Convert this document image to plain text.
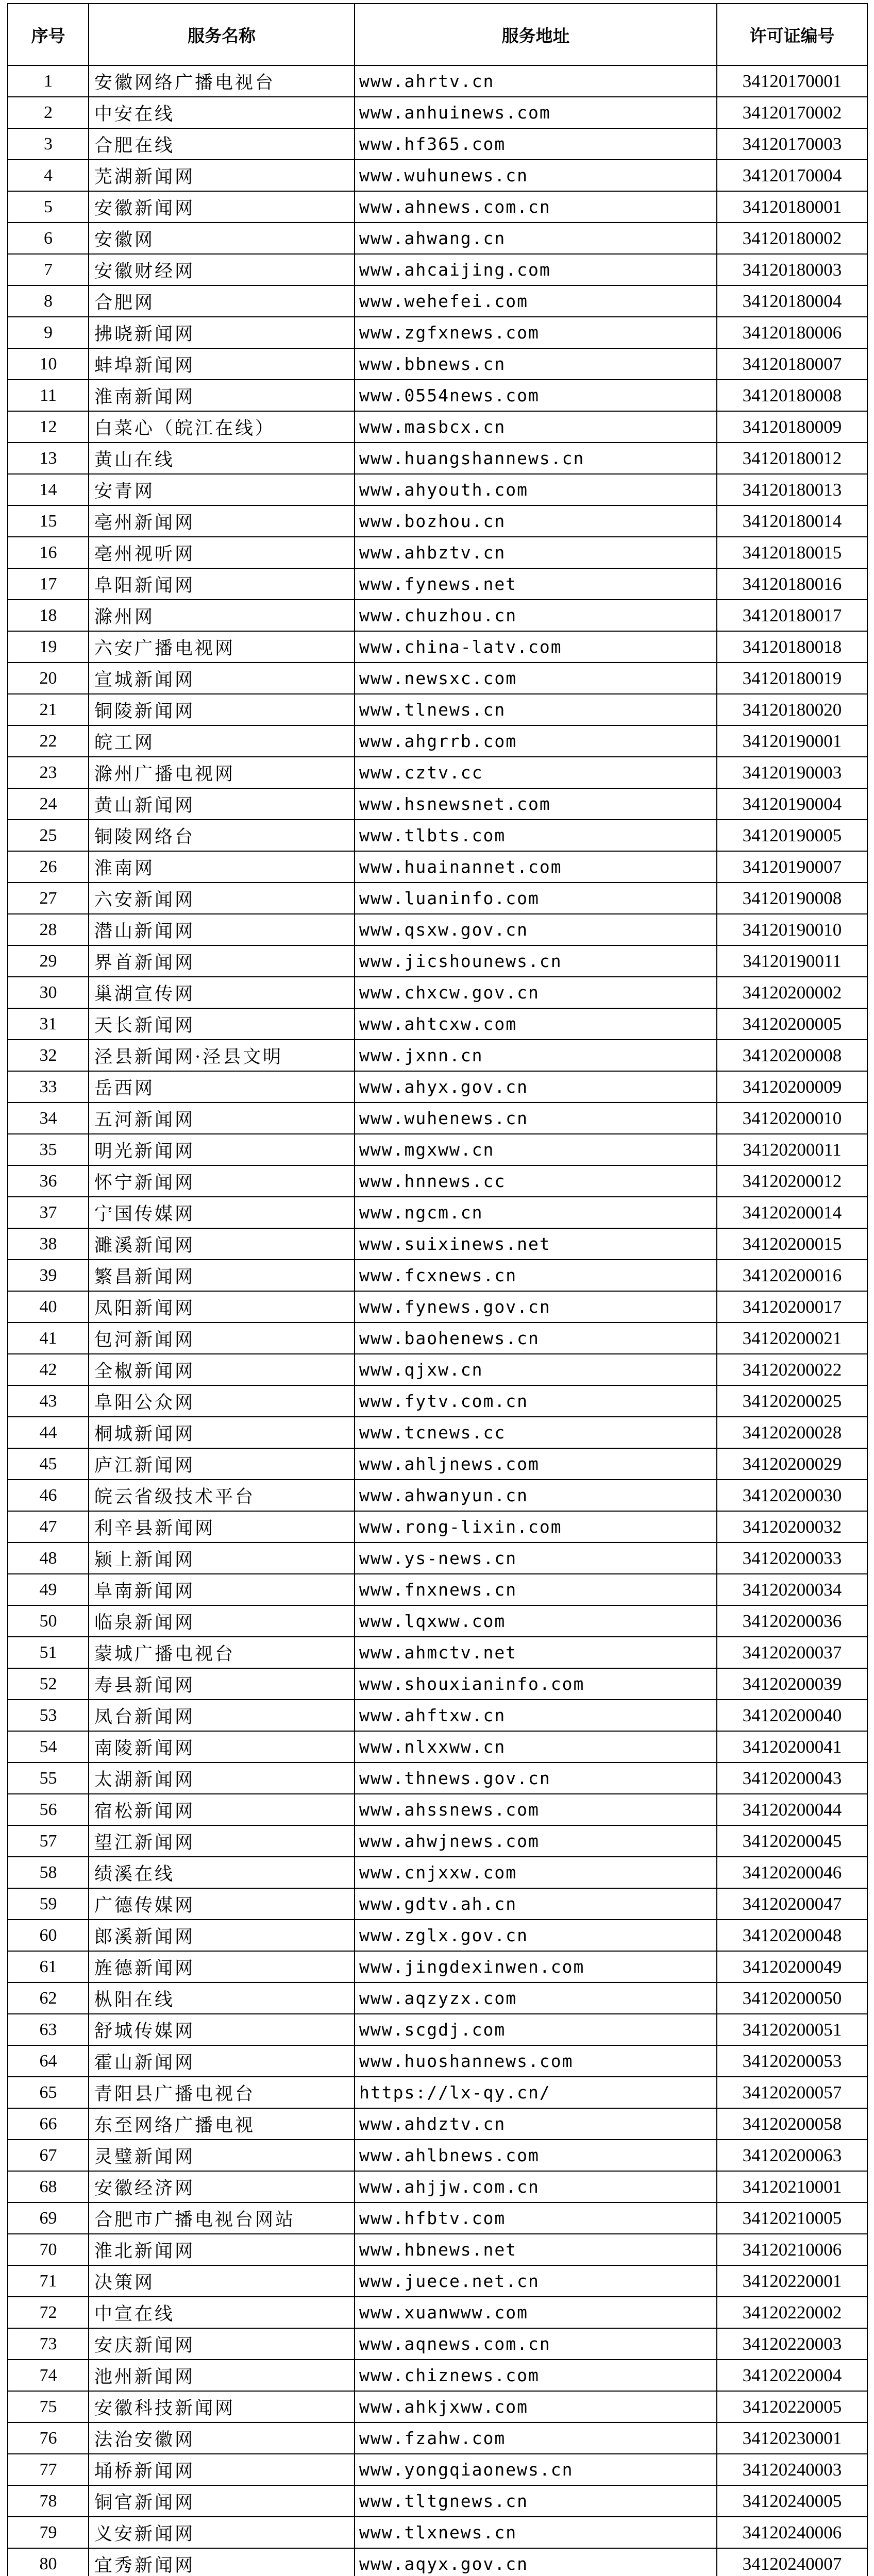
序号	服务名称	服务地址	许可证编号
1	安徽网络广播电视台	www.ahrtv.cn	34120170001
2	中安在线	www.anhuinews.com	34120170002
3	合肥在线	www.hf365.com	34120170003
4	芜湖新闻网	www.wuhunews.cn	34120170004
5	安徽新闻网	www.ahnews.com.cn	34120180001
6	安徽网	www.ahwang.cn	34120180002
7	安徽财经网	www.ahcaijing.com	34120180003
8	合肥网	www.wehefei.com	34120180004
9	拂晓新闻网	www.zgfxnews.com	34120180006
10	蚌埠新闻网	www.bbnews.cn	34120180007
11	淮南新闻网	www.0554news.com	34120180008
12	白菜心（皖江在线）	www.masbcx.cn	34120180009
13	黄山在线	www.huangshannews.cn	34120180012
14	安青网	www.ahyouth.com	34120180013
15	亳州新闻网	www.bozhou.cn	34120180014
16	亳州视听网	www.ahbztv.cn	34120180015
17	阜阳新闻网	www.fynews.net	34120180016
18	滁州网	www.chuzhou.cn	34120180017
19	六安广播电视网	www.china-latv.com	34120180018
20	宣城新闻网	www.newsxc.com	34120180019
21	铜陵新闻网	www.tlnews.cn	34120180020
22	皖工网	www.ahgrrb.com	34120190001
23	滁州广播电视网	www.cztv.cc	34120190003
24	黄山新闻网	www.hsnewsnet.com	34120190004
25	铜陵网络台	www.tlbts.com	34120190005
26	淮南网	www.huainannet.com	34120190007
27	六安新闻网	www.luaninfo.com	34120190008
28	潜山新闻网	www.qsxw.gov.cn	34120190010
29	界首新闻网	www.jicshounews.cn	34120190011
30	巢湖宣传网	www.chxcw.gov.cn	34120200002
31	天长新闻网	www.ahtcxw.com	34120200005
32	泾县新闻网·泾县文明	www.jxnn.cn	34120200008
33	岳西网	www.ahyx.gov.cn	34120200009
34	五河新闻网	www.wuhenews.cn	34120200010
35	明光新闻网	www.mgxww.cn	34120200011
36	怀宁新闻网	www.hnnews.cc	34120200012
37	宁国传媒网	www.ngcm.cn	34120200014
38	濉溪新闻网	www.suixinews.net	34120200015
39	繁昌新闻网	www.fcxnews.cn	34120200016
40	凤阳新闻网	www.fynews.gov.cn	34120200017
41	包河新闻网	www.baohenews.cn	34120200021
42	全椒新闻网	www.qjxw.cn	34120200022
43	阜阳公众网	www.fytv.com.cn	34120200025
44	桐城新闻网	www.tcnews.cc	34120200028
45	庐江新闻网	www.ahljnews.com	34120200029
46	皖云省级技术平台	www.ahwanyun.cn	34120200030
47	利辛县新闻网	www.rong-lixin.com	34120200032
48	颍上新闻网	www.ys-news.cn	34120200033
49	阜南新闻网	www.fnxnews.cn	34120200034
50	临泉新闻网	www.lqxww.com	34120200036
51	蒙城广播电视台	www.ahmctv.net	34120200037
52	寿县新闻网	www.shouxianinfo.com	34120200039
53	凤台新闻网	www.ahftxw.cn	34120200040
54	南陵新闻网	www.nlxxww.cn	34120200041
55	太湖新闻网	www.thnews.gov.cn	34120200043
56	宿松新闻网	www.ahssnews.com	34120200044
57	望江新闻网	www.ahwjnews.com	34120200045
58	绩溪在线	www.cnjxxw.com	34120200046
59	广德传媒网	www.gdtv.ah.cn	34120200047
60	郎溪新闻网	www.zglx.gov.cn	34120200048
61	旌德新闻网	www.jingdexinwen.com	34120200049
62	枞阳在线	www.aqzyzx.com	34120200050
63	舒城传媒网	www.scgdj.com	34120200051
64	霍山新闻网	www.huoshannews.com	34120200053
65	青阳县广播电视台	https://lx-qy.cn/	34120200057
66	东至网络广播电视	www.ahdztv.cn	34120200058
67	灵璧新闻网	www.ahlbnews.com	34120200063
68	安徽经济网	www.ahjjw.com.cn	34120210001
69	合肥市广播电视台网站	www.hfbtv.com	34120210005
70	淮北新闻网	www.hbnews.net	34120210006
71	决策网	www.juece.net.cn	34120220001
72	中宣在线	www.xuanwww.com	34120220002
73	安庆新闻网	www.aqnews.com.cn	34120220003
74	池州新闻网	www.chiznews.com	34120220004
75	安徽科技新闻网	www.ahkjxww.com	34120220005
76	法治安徽网	www.fzahw.com	34120230001
77	埇桥新闻网	www.yongqiaonews.cn	34120240003
78	铜官新闻网	www.tltgnews.cn	34120240005
79	义安新闻网	www.tlxnews.cn	34120240006
80	宜秀新闻网	www.aqyx.gov.cn	34120240007
